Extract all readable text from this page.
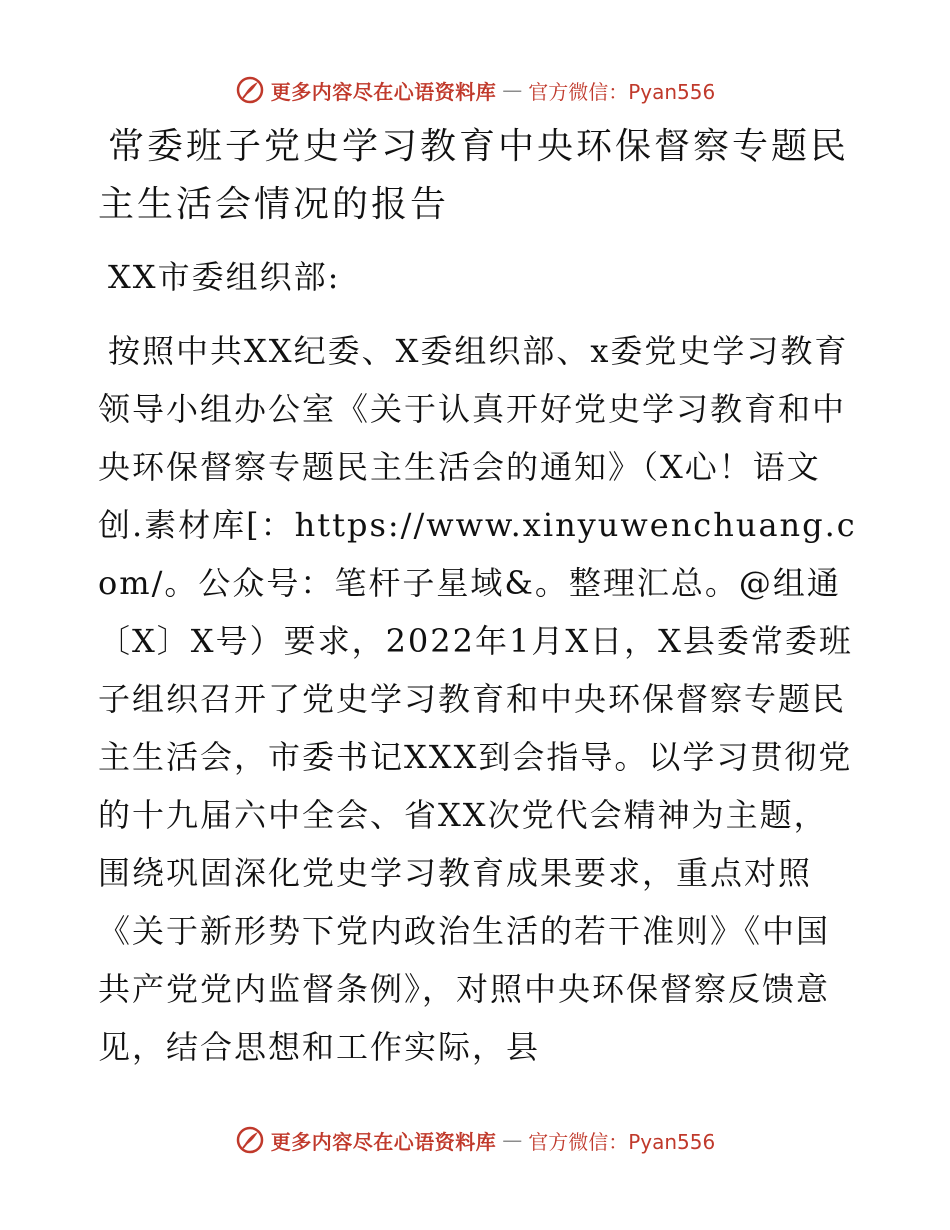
更多内容尽在心语资料库 — 官方微信：Pyan556
常委班子党史学习教育中央环保督察专题民主生活会情况的报告

XX市委组织部:

按照中共XX纪委、X委组织部、x委党史学习教育领导小组办公室《关于认真开好党史学习教育和中央环保督察专题民主生活会的通知》（X心！语文创.素材库[：https://www.xinyuwenchuang.com/。公众号：笔杆子星域&。整理汇总。@组通〔X〕X号）要求，2022年1月X日，X县委常委班子组织召开了党史学习教育和中央环保督察专题民主生活会，市委书记XXX到会指导。以学习贯彻党的十九届六中全会、省XX次党代会精神为主题，围绕巩固深化党史学习教育成果要求，重点对照《关于新形势下党内政治生活的若干准则》《中国共产党党内监督条例》，对照中央环保督察反馈意见，结合思想和工作实际，县

更多内容尽在心语资料库 — 官方微信：Pyan556
